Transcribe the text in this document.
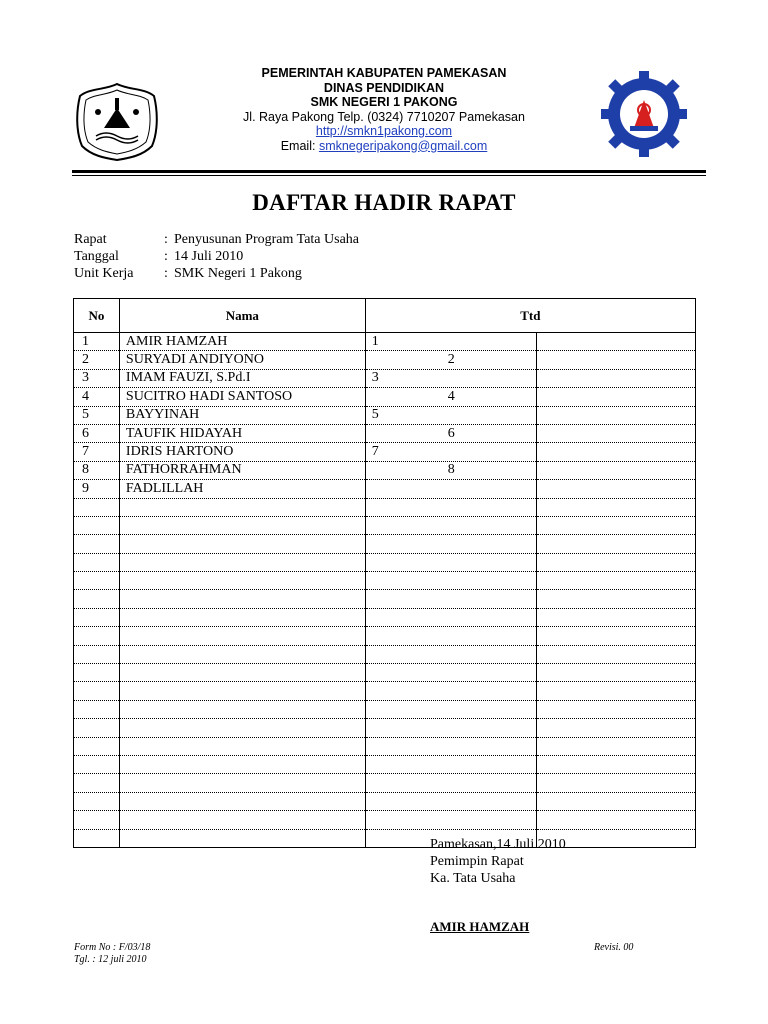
PEMERINTAH KABUPATEN PAMEKASAN
DINAS PENDIDIKAN
SMK NEGERI 1 PAKONG
Jl. Raya Pakong Telp. (0324) 7710207 Pamekasan
http://smkn1pakong.com
Email: smknegeripakong@gmail.com
DAFTAR HADIR RAPAT
Rapat	: Penyusunan Program Tata Usaha
Tanggal	: 14 Juli 2010
Unit Kerja	: SMK Negeri 1 Pakong
No	Nama	Ttd	
1	AMIR HAMZAH	1	
2	SURYADI ANDIYONO	2	
3	IMAM FAUZI, S.Pd.I	3	
4	SUCITRO HADI SANTOSO	4	
5	BAYYINAH	5	
6	TAUFIK HIDAYAH	6	
7	IDRIS HARTONO	7	
8	FATHORRAHMAN	8	
9	FADLILLAH		

Pamekasan,14 Juli 2010
Pemimpin Rapat
Ka. Tata Usaha
AMIR HAMZAH
Form No : F/03/18
Tgl. : 12 juli 2010
Revisi. 00
